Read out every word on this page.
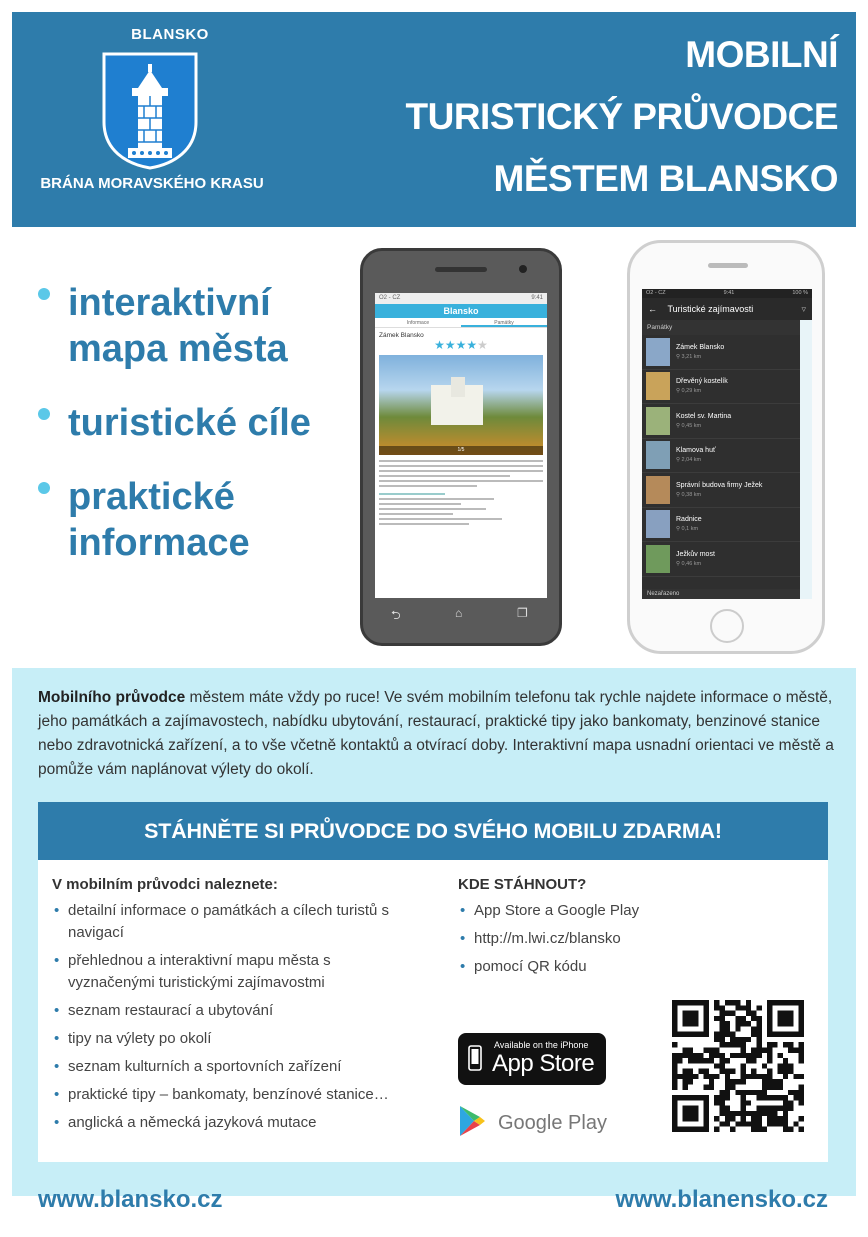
BLANSKO
BRÁNA MORAVSKÉHO KRASU
MOBILNÍ
TURISTICKÝ PRŮVODCE
MĚSTEM BLANSKO
interaktivní mapa města
turistické cíle
praktické informace
O2 - CZ	9:41
Blansko
Informace	Památky
Zámek Blansko
★★★★★
1/5
⮌	⌂	❐
O2 - CZ	9:41	100 %
← Turistické zajímavosti	▿
Památky
Zámek Blansko
⚲ 3,21 km
Dřevěný kostelík
⚲ 0,29 km
Kostel sv. Martina
⚲ 0,45 km
Klamova huť
⚲ 2,04 km
Správní budova firmy Ježek
⚲ 0,38 km
Radnice
⚲ 0,1 km
Ježkův most
⚲ 0,46 km
Nezařazeno

Mobilního průvodce městem máte vždy po ruce! Ve svém mobilním telefonu tak rychle najdete informace o městě, jeho památkách a zajímavostech, nabídku ubytování, restaurací, praktické tipy jako bankomaty, benzinové stanice nebo zdravotnická zařízení, a to vše včetně kontaktů a otvírací doby. Interaktivní mapa usnadní orientaci ve městě a pomůže vám naplánovat výlety do okolí.

STÁHNĚTE SI PRŮVODCE DO SVÉHO MOBILU ZDARMA!
V mobilním průvodci naleznete:
• detailní informace o památkách a cílech turistů s navigací
• přehlednou a interaktivní mapu města s vyznačenými turistickými zajímavostmi
• seznam restaurací a ubytování
• tipy na výlety po okolí
• seznam kulturních a sportovních zařízení
• praktické tipy – bankomaty, benzínové stanice…
• anglická a německá jazyková mutace
KDE STÁHNOUT?
• App Store a Google Play
• http://m.lwi.cz/blansko
• pomocí QR kódu
Available on the iPhone
App Store
Google Play
www.blansko.cz	www.blanensko.cz
